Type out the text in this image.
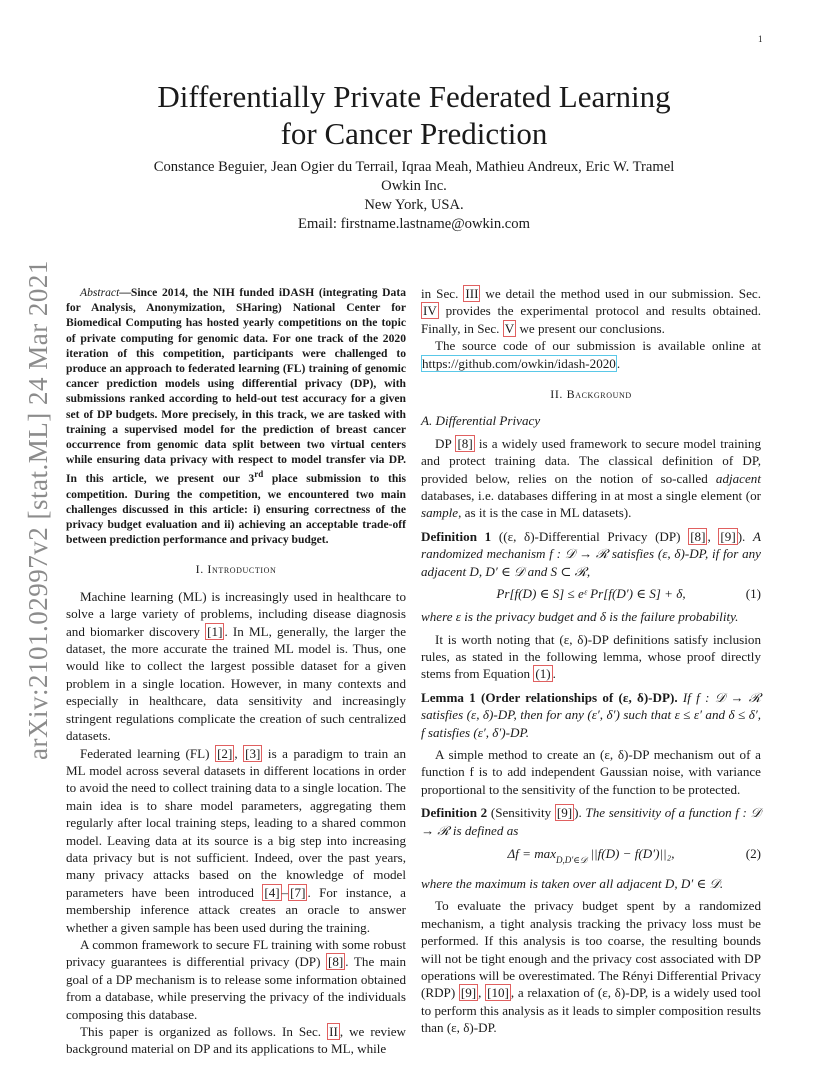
1
arXiv:2101.02997v2 [stat.ML] 24 Mar 2021
Differentially Private Federated Learning
for Cancer Prediction
Constance Beguier, Jean Ogier du Terrail, Iqraa Meah, Mathieu Andreux, Eric W. Tramel
Owkin Inc.
New York, USA.
Email: firstname.lastname@owkin.com
Abstract—Since 2014, the NIH funded iDASH (integrating Data for Analysis, Anonymization, SHaring) National Center for Biomedical Computing has hosted yearly competitions on the topic of private computing for genomic data. For one track of the 2020 iteration of this competition, participants were challenged to produce an approach to federated learning (FL) training of genomic cancer prediction models using differential privacy (DP), with submissions ranked according to held-out test accuracy for a given set of DP budgets. More precisely, in this track, we are tasked with training a supervised model for the prediction of breast cancer occurrence from genomic data split between two virtual centers while ensuring data privacy with respect to model transfer via DP. In this article, we present our 3rd place submission to this competition. During the competition, we encountered two main challenges discussed in this article: i) ensuring correctness of the privacy budget evaluation and ii) achieving an acceptable trade-off between prediction performance and privacy budget.
I. Introduction

Machine learning (ML) is increasingly used in healthcare to solve a large variety of problems, including disease diagnosis and biomarker discovery [1] . In ML, generally, the larger the dataset, the more accurate the trained ML model is. Thus, one would like to collect the largest possible dataset for a given problem in a single location. However, in many contexts and especially in healthcare, data sensitivity and increasingly stringent regulations complicate the creation of such centralized datasets.

Federated learning (FL) [2] , [3] is a paradigm to train an ML model across several datasets in different locations in order to avoid the need to collect training data to a single location. The main idea is to share model parameters, aggregating them regularly after local training steps, leading to a shared common model. Leaving data at its source is a big step into increasing data privacy but is not sufficient. Indeed, over the past years, many privacy attacks based on the knowledge of model parameters have been introduced [4] – [7] . For instance, a membership inference attack creates an oracle to answer whether a given sample has been used during the training.

A common framework to secure FL training with some robust privacy guarantees is differential privacy (DP) [8] . The main goal of a DP mechanism is to release some information obtained from a database, while preserving the privacy of the individuals composing this database.

This paper is organized as follows. In Sec. II , we review background material on DP and its applications to ML, while

in Sec. III we detail the method used in our submission. Sec. IV provides the experimental protocol and results obtained. Finally, in Sec. V we present our conclusions.

The source code of our submission is available online at https://github.com/owkin/idash-2020.

II. Background
A. Differential Privacy

DP [8] is a widely used framework to secure model training and protect training data. The classical definition of DP, provided below, relies on the notion of so-called adjacent databases, i.e. databases differing in at most a single element (or sample, as it is the case in ML datasets).

Definition 1 ((ε, δ)-Differential Privacy (DP) [8] , [9] ). A randomized mechanism f : 𝒟 → ℛ satisfies (ε, δ)-DP, if for any adjacent D, D′ ∈ 𝒟 and S ⊂ ℛ,

Pr[f(D) ∈ S] ≤ eᵋ Pr[f(D′) ∈ S] + δ,	(1)

where ε is the privacy budget and δ is the failure probability.

It is worth noting that (ε, δ)-DP definitions satisfy inclusion rules, as stated in the following lemma, whose proof directly stems from Equation (1) .

Lemma 1 (Order relationships of (ε, δ)-DP). If f : 𝒟 → ℛ satisfies (ε, δ)-DP, then for any (ε′, δ′) such that ε ≤ ε′ and δ ≤ δ′, f satisfies (ε′, δ′)-DP.

A simple method to create an (ε, δ)-DP mechanism out of a function f is to add independent Gaussian noise, with variance proportional to the sensitivity of the function to be protected.

Definition 2 (Sensitivity [9] ). The sensitivity of a function f : 𝒟 → ℛ is defined as

$\Delta f = \max_{D,D'\in 𝒟} ||f(D) - f(D')||_2$,	(2)

where the maximum is taken over all adjacent D, D′ ∈ 𝒟.

To evaluate the privacy budget spent by a randomized mechanism, a tight analysis tracking the privacy loss must be performed. If this analysis is too coarse, the resulting bounds will not be tight enough and the privacy cost associated with DP operations will be overestimated. The Rényi Differential Privacy (RDP) [9] , [10] , a relaxation of (ε, δ)-DP, is a widely used tool to perform this analysis as it leads to simpler composition results than (ε, δ)-DP.
